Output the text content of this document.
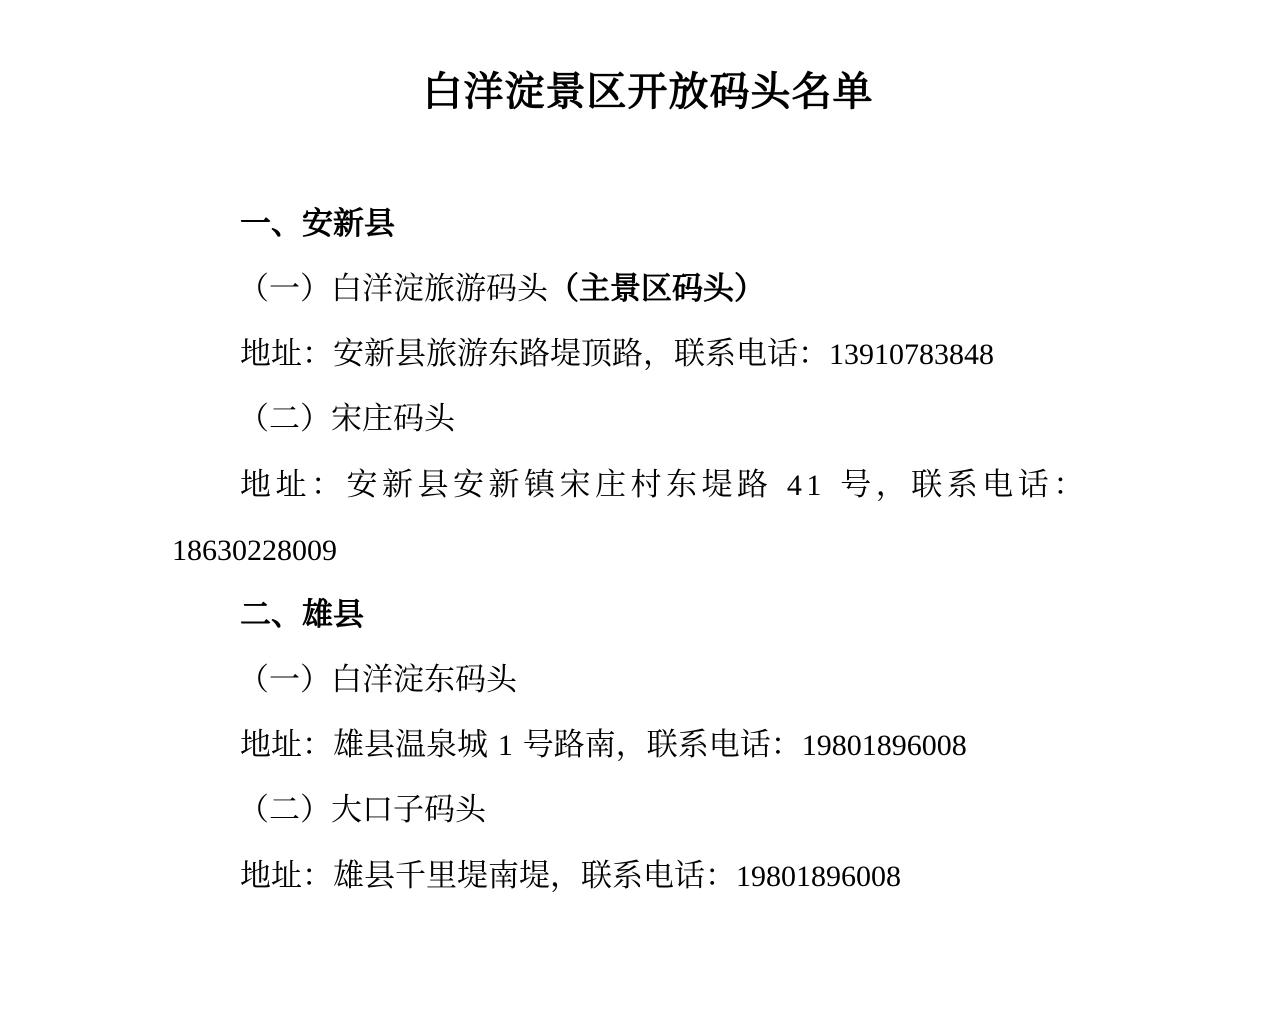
白洋淀景区开放码头名单
一、安新县
（一）白洋淀旅游码头（主景区码头）
地址：安新县旅游东路堤顶路，联系电话：13910783848
（二）宋庄码头
地址：安新县安新镇宋庄村东堤路 41 号，联系电话：
18630228009
二、雄县
（一）白洋淀东码头
地址：雄县温泉城 1 号路南，联系电话：19801896008
（二）大口子码头
地址：雄县千里堤南堤，联系电话：19801896008
